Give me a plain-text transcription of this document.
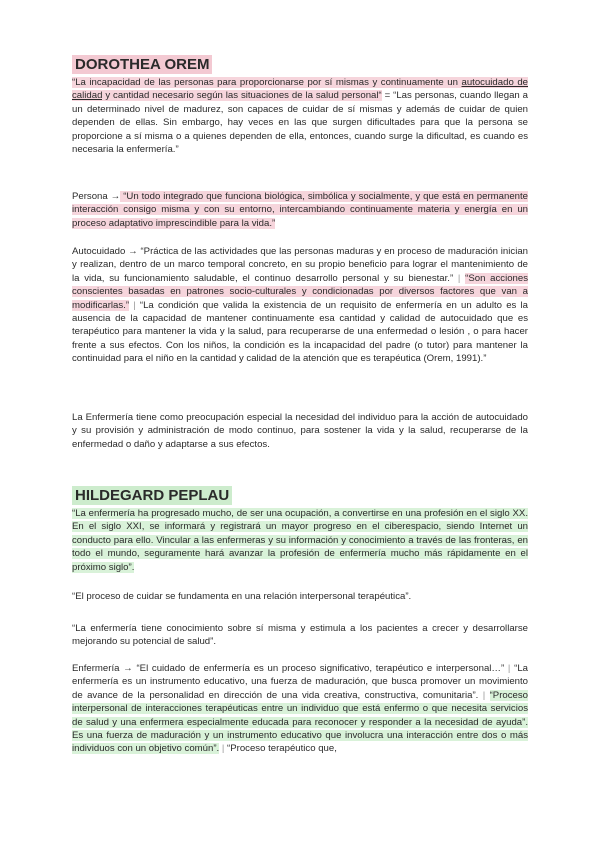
DOROTHEA OREM
“La incapacidad de las personas para proporcionarse por sí mismas y continuamente un autocuidado de calidad y cantidad necesario según las situaciones de la salud personal“ = “Las personas, cuando llegan a un determinado nivel de madurez, son capaces de cuidar de sí mismas y además de cuidar de quien dependen de ellas. Sin embargo, hay veces en las que surgen dificultades para que la persona se proporcione a sí misma o a quienes dependen de ella, entonces, cuando surge la dificultad, es cuando es necesaria la enfermería.”
Persona → “Un todo integrado que funciona biológica, simbólica y socialmente, y que está en permanente interacción consigo misma y con su entorno, intercambiando continuamente materia y energía en un proceso adaptativo imprescindible para la vida.”
Autocuidado → “Práctica de las actividades que las personas maduras y en proceso de maduración inician y realizan, dentro de un marco temporal concreto, en su propio beneficio para lograr el mantenimiento de la vida, su funcionamiento saludable, el continuo desarrollo personal y su bienestar.” | “Son acciones conscientes basadas en patrones socio-culturales y condicionadas por diversos factores que van a modificarlas.” | “La condición que valida la existencia de un requisito de enfermería en un adulto es la ausencia de la capacidad de mantener continuamente esa cantidad y calidad de autocuidado que es terapéutico para mantener la vida y la salud, para recuperarse de una enfermedad o lesión , o para hacer frente a sus efectos. Con los niños, la condición es la incapacidad del padre (o tutor) para mantener la continuidad para el niño en la cantidad y calidad de la atención que es terapéutica (Orem, 1991).”
La Enfermería tiene como preocupación especial la necesidad del individuo para la acción de autocuidado y su provisión y administración de modo continuo, para sostener la vida y la salud, recuperarse de la enfermedad o daño y adaptarse a sus efectos.
HILDEGARD PEPLAU
“La enfermería ha progresado mucho, de ser una ocupación, a convertirse en una profesión en el siglo XX. En el siglo XXI, se informará y registrará un mayor progreso en el ciberespacio, siendo Internet un conducto para ello. Vincular a las enfermeras y su información y conocimiento a través de las fronteras, en todo el mundo, seguramente hará avanzar la profesión de enfermería mucho más rápidamente en el próximo siglo”.
“El proceso de cuidar se fundamenta en una relación interpersonal terapéutica”.
“La enfermería tiene conocimiento sobre sí misma y estimula a los pacientes a crecer y desarrollarse mejorando su potencial de salud”.
Enfermería → “El cuidado de enfermería es un proceso significativo, terapéutico e interpersonal…” | “La enfermería es un instrumento educativo, una fuerza de maduración, que busca promover un movimiento de avance de la personalidad en dirección de una vida creativa, constructiva, comunitaria”. | “Proceso interpersonal de interacciones terapéuticas entre un individuo que está enfermo o que necesita servicios de salud y una enfermera especialmente educada para reconocer y responder a la necesidad de ayuda”. Es una fuerza de maduración y un instrumento educativo que involucra una interacción entre dos o más individuos con un objetivo común”. | “Proceso terapéutico que,
